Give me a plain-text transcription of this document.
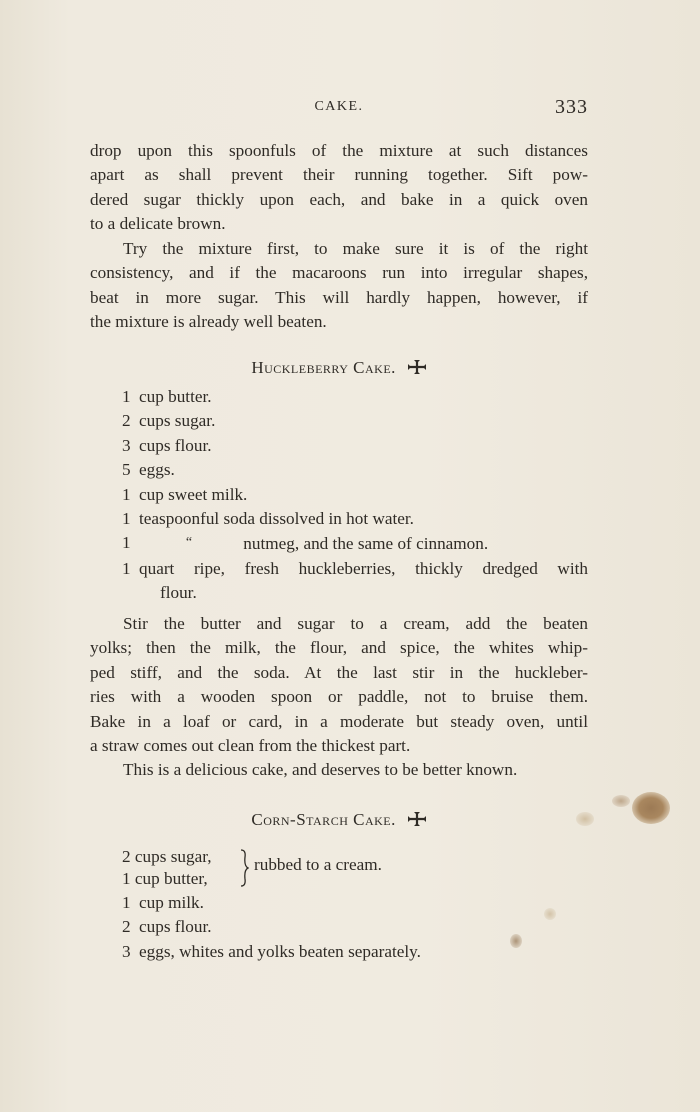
CAKE.	333

drop upon this spoonfuls of the mixture at such distances

apart as shall prevent their running together. Sift pow-

dered sugar thickly upon each, and bake in a quick oven

to a delicate brown.

Try the mixture first, to make sure it is of the right

consistency, and if the macaroons run into irregular shapes,

beat in more sugar. This will hardly happen, however, if

the mixture is already well beaten.

Huckleberry Cake.
1 cup butter.
2 cups sugar.
3 cups flour.
5 eggs.
1 cup sweet milk.
1 teaspoonful soda dissolved in hot water.
1	“	nutmeg, and the same of cinnamon.
1 quart ripe, fresh huckleberries, thickly dredged with
flour.

Stir the butter and sugar to a cream, add the beaten

yolks; then the milk, the flour, and spice, the whites whip-

ped stiff, and the soda. At the last stir in the huckleber-

ries with a wooden spoon or paddle, not to bruise them.

Bake in a loaf or card, in a moderate but steady oven, until

a straw comes out clean from the thickest part.

This is a delicious cake, and deserves to be better known.

Corn-Starch Cake.
2 cups sugar,
1 cup butter,
rubbed to a cream.
1 cup milk.
2 cups flour.
3 eggs, whites and yolks beaten separately.
